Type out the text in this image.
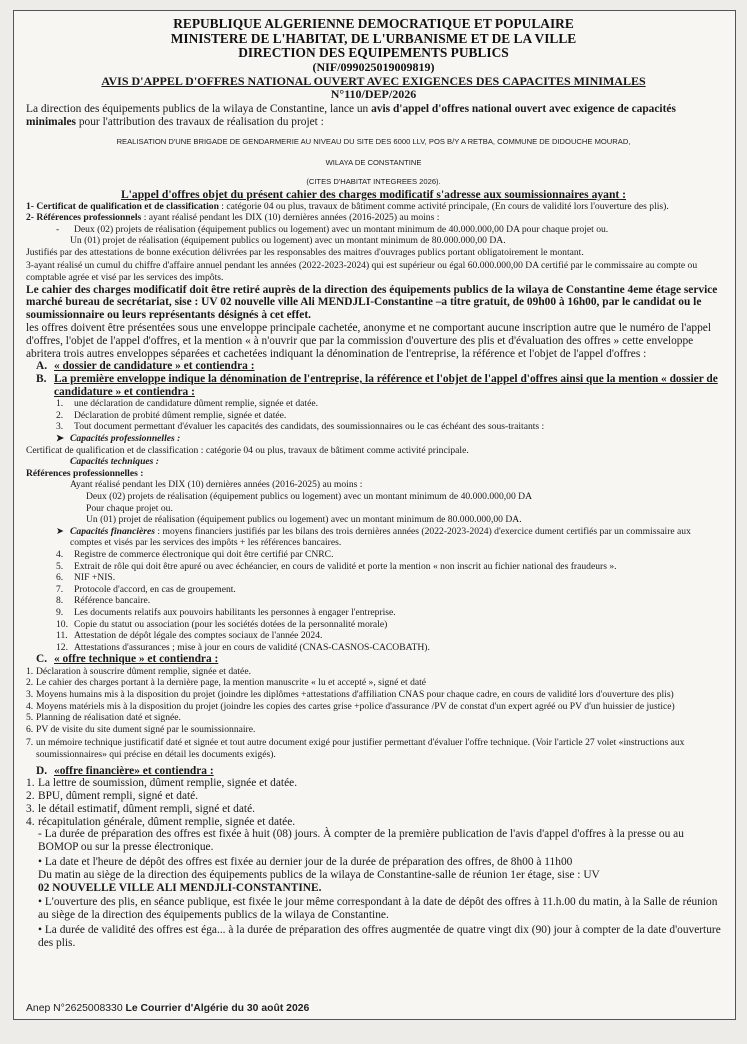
REPUBLIQUE ALGERIENNE DEMOCRATIQUE ET POPULAIRE
MINISTERE DE L'HABITAT, DE L'URBANISME ET DE LA VILLE
DIRECTION DES EQUIPEMENTS PUBLICS
(NIF/099025019009819)
AVIS D'APPEL D'OFFRES NATIONAL OUVERT AVEC EXIGENCES DES CAPACITES MINIMALES
N°110/DEP/2026
La direction des équipements publics de la wilaya de Constantine, lance un avis d'appel d'offres national ouvert avec exigence de capacités minimales pour l'attribution des travaux de réalisation du projet :
REALISATION D'UNE BRIGADE DE GENDARMERIE AU NIVEAU DU SITE DES 6000 LLV, POS B/Y A RETBA, COMMUNE DE DIDOUCHE MOURAD,
WILAYA DE CONSTANTINE
(CITES D'HABITAT INTEGREES 2026).
L'appel d'offres objet du présent cahier des charges modificatif s'adresse aux soumissionnaires ayant :
1- Certificat de qualification et de classification : catégorie 04 ou plus, travaux de bâtiment comme activité principale, (En cours de validité lors l'ouverture des plis).
2- Références professionnels : ayant réalisé pendant les DIX (10) dernières années (2016-2025) au moins :
-	Deux (02) projets de réalisation (équipement publics ou logement) avec un montant minimum de 40.000.000,00 DA pour chaque projet ou.
Un (01) projet de réalisation (équipement publics ou logement) avec un montant minimum de 80.000.000,00 DA.
Justifiés par des attestations de bonne exécution délivrées par les responsables des maitres d'ouvrages publics portant obligatoirement le montant.
3-ayant réalisé un cumul du chiffre d'affaire annuel pendant les années (2022-2023-2024) qui est supérieur ou égal 60.000.000,00 DA certifié par le commissaire au compte ou comptable agrée et visé par les services des impôts.
Le cahier des charges modificatif doit être retiré auprès de la direction des équipements publics de la wilaya de Constantine 4eme étage service marché bureau de secrétariat, sise : UV 02 nouvelle ville Ali MENDJLI-Constantine –a titre gratuit, de 09h00 à 16h00, par le candidat ou le soumissionnaire ou leurs représentants désignés à cet effet.
les offres doivent être présentées sous une enveloppe principale cachetée, anonyme et ne comportant aucune inscription autre que le numéro de l'appel d'offres, l'objet de l'appel d'offres, et la mention « à n'ouvrir que par la commission d'ouverture des plis et d'évaluation des offres » cette enveloppe abritera trois autres enveloppes séparées et cachetées indiquant la dénomination de l'entreprise, la référence et l'objet de l'appel d'offres :
A. « dossier de candidature » et contiendra :
B. La première enveloppe indique la dénomination de l'entreprise, la référence et l'objet de l'appel d'offres ainsi que la mention « dossier de candidature » et contiendra :
1.	une déclaration de candidature dûment remplie, signée et datée.
2.	Déclaration de probité dûment remplie, signée et datée.
3.	Tout document permettant d'évaluer les capacités des candidats, des soumissionnaires ou le cas échéant des sous-traitants :
➤ Capacités professionnelles :
Certificat de qualification et de classification : catégorie 04 ou plus, travaux de bâtiment comme activité principale.
Capacités techniques :
Références professionnelles :
Ayant réalisé pendant les DIX (10) dernières années (2016-2025) au moins :
Deux (02) projets de réalisation (équipement publics ou logement) avec un montant minimum de 40.000.000,00 DA
Pour chaque projet ou.
Un (01) projet de réalisation (équipement publics ou logement) avec un montant minimum de 80.000.000,00 DA.
➤ Capacités financières : moyens financiers justifiés par les bilans des trois dernières années (2022-2023-2024) d'exercice dument certifiés par un commissaire aux comptes et visés par les services des impôts + les références bancaires.
4.	Registre de commerce électronique qui doit être certifié par CNRC.
5.	Extrait de rôle qui doit être apuré ou avec échéancier, en cours de validité et porte la mention « non inscrit au fichier national des fraudeurs ».
6.	NIF +NIS.
7.	Protocole d'accord, en cas de groupement.
8.	Référence bancaire.
9.	Les documents relatifs aux pouvoirs habilitants les personnes à engager l'entreprise.
10. Copie du statut ou association (pour les sociétés dotées de la personnalité morale)
11. Attestation de dépôt légale des comptes sociaux de l'année 2024.
12. Attestations d'assurances ; mise à jour en cours de validité (CNAS-CASNOS-CACOBATH).
C. « offre technique » et contiendra :
1. Déclaration à souscrire dûment remplie, signée et datée.
2. Le cahier des charges portant à la dernière page, la mention manuscrite « lu et accepté », signé et daté
3. Moyens humains mis à la disposition du projet (joindre les diplômes +attestations d'affiliation CNAS pour chaque cadre, en cours de validité lors d'ouverture des plis)
4. Moyens matériels mis à la disposition du projet (joindre les copies des cartes grise +police d'assurance /PV de constat d'un expert agréé ou PV d'un huissier de justice)
5. Planning de réalisation daté et signée.
6. PV de visite du site dument signé par le soumissionnaire.
7. un mémoire technique justificatif daté et signée et tout autre document exigé pour justifier permettant d'évaluer l'offre technique. (Voir l'article 27 volet «instructions aux soumissionnaires» qui précise en détail les documents exigés).
D. «offre financière» et contiendra :
1. La lettre de soumission, dûment remplie, signée et datée.
2. BPU, dûment rempli, signé et daté.
3. le détail estimatif, dûment rempli, signé et daté.
4. récapitulation générale, dûment remplie, signée et datée.
- La durée de préparation des offres est fixée à huit (08) jours. À compter de la première publication de l'avis d'appel d'offres à la presse ou au BOMOP ou sur la presse électronique.
• La date et l'heure de dépôt des offres est fixée au dernier jour de la durée de préparation des offres, de 8h00 à 11h00
Du matin au siège de la direction des équipements publics de la wilaya de Constantine-salle de réunion 1er étage, sise : UV
02 NOUVELLE VILLE ALI MENDJLI-CONSTANTINE.
• L'ouverture des plis, en séance publique, est fixée le jour même correspondant à la date de dépôt des offres à 11.h.00 du matin, à la Salle de réunion au siège de la direction des équipements publics de la wilaya de Constantine.
• La durée de validité des offres est éga... à la durée de préparation des offres augmentée de quatre vingt dix (90) jour à compter de la date d'ouverture des plis.
Anep N°2625008330 Le Courrier d'Algérie du 30 août 2026
